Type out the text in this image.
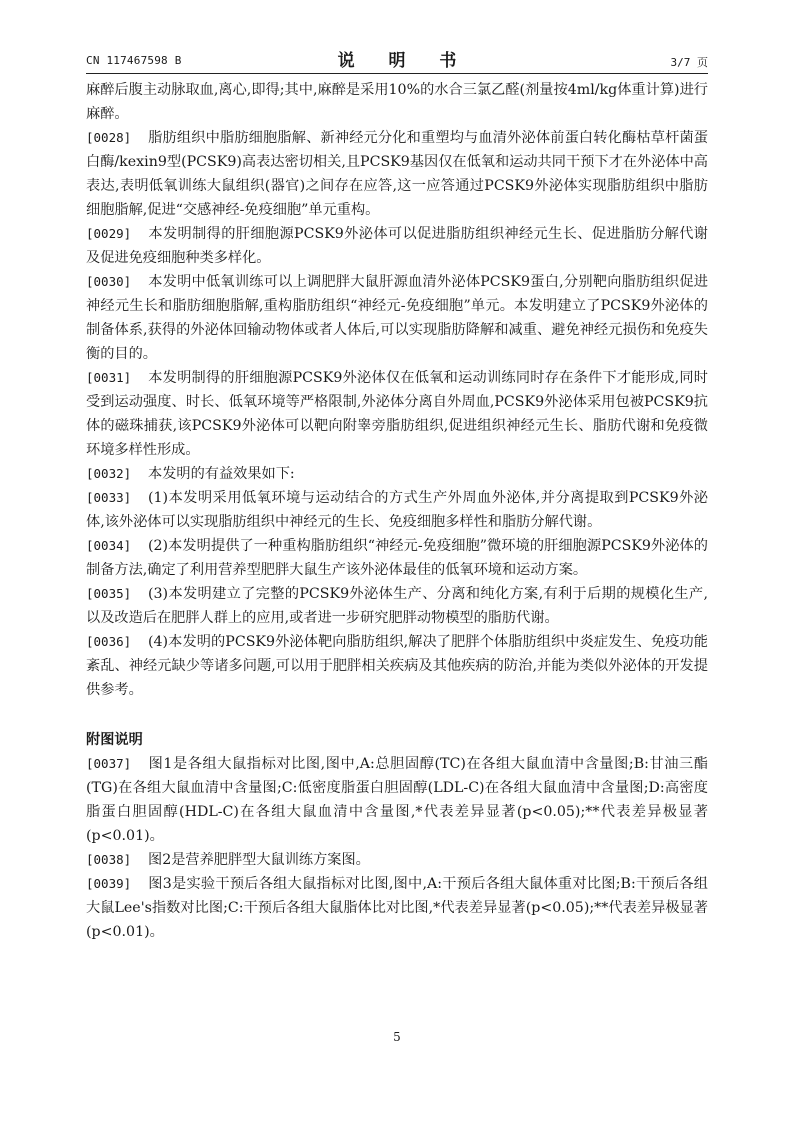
CN 117467598 B	说 明 书	3/7 页

麻醉后腹主动脉取血,离心,即得;其中,麻醉是采用10%的水合三氯乙醛(剂量按4ml/kg体重计算)进行麻醉。

[0028] 脂肪组织中脂肪细胞脂解、新神经元分化和重塑均与血清外泌体前蛋白转化酶枯草杆菌蛋白酶/kexin9型(PCSK9)高表达密切相关,且PCSK9基因仅在低氧和运动共同干预下才在外泌体中高表达,表明低氧训练大鼠组织(器官)之间存在应答,这一应答通过PCSK9外泌体实现脂肪组织中脂肪细胞脂解,促进“交感神经-免疫细胞”单元重构。

[0029] 本发明制得的肝细胞源PCSK9外泌体可以促进脂肪组织神经元生长、促进脂肪分解代谢及促进免疫细胞种类多样化。

[0030] 本发明中低氧训练可以上调肥胖大鼠肝源血清外泌体PCSK9蛋白,分别靶向脂肪组织促进神经元生长和脂肪细胞脂解,重构脂肪组织“神经元-免疫细胞”单元。本发明建立了PCSK9外泌体的制备体系,获得的外泌体回输动物体或者人体后,可以实现脂肪降解和减重、避免神经元损伤和免疫失衡的目的。

[0031] 本发明制得的肝细胞源PCSK9外泌体仅在低氧和运动训练同时存在条件下才能形成,同时受到运动强度、时长、低氧环境等严格限制,外泌体分离自外周血,PCSK9外泌体采用包被PCSK9抗体的磁珠捕获,该PCSK9外泌体可以靶向附睾旁脂肪组织,促进组织神经元生长、脂肪代谢和免疫微环境多样性形成。

[0032] 本发明的有益效果如下:

[0033] (1)本发明采用低氧环境与运动结合的方式生产外周血外泌体,并分离提取到PCSK9外泌体,该外泌体可以实现脂肪组织中神经元的生长、免疫细胞多样性和脂肪分解代谢。

[0034] (2)本发明提供了一种重构脂肪组织“神经元-免疫细胞”微环境的肝细胞源PCSK9外泌体的制备方法,确定了利用营养型肥胖大鼠生产该外泌体最佳的低氧环境和运动方案。

[0035] (3)本发明建立了完整的PCSK9外泌体生产、分离和纯化方案,有利于后期的规模化生产,以及改造后在肥胖人群上的应用,或者进一步研究肥胖动物模型的脂肪代谢。

[0036] (4)本发明的PCSK9外泌体靶向脂肪组织,解决了肥胖个体脂肪组织中炎症发生、免疫功能紊乱、神经元缺少等诸多问题,可以用于肥胖相关疾病及其他疾病的防治,并能为类似外泌体的开发提供参考。

附图说明

[0037] 图1是各组大鼠指标对比图,图中,A:总胆固醇(TC)在各组大鼠血清中含量图;B:甘油三酯(TG)在各组大鼠血清中含量图;C:低密度脂蛋白胆固醇(LDL-C)在各组大鼠血清中含量图;D:高密度脂蛋白胆固醇(HDL-C)在各组大鼠血清中含量图,*代表差异显著(p<0.05);**代表差异极显著(p<0.01)。

[0038] 图2是营养肥胖型大鼠训练方案图。

[0039] 图3是实验干预后各组大鼠指标对比图,图中,A:干预后各组大鼠体重对比图;B:干预后各组大鼠Lee's指数对比图;C:干预后各组大鼠脂体比对比图,*代表差异显著(p<0.05);**代表差异极显著(p<0.01)。

5
